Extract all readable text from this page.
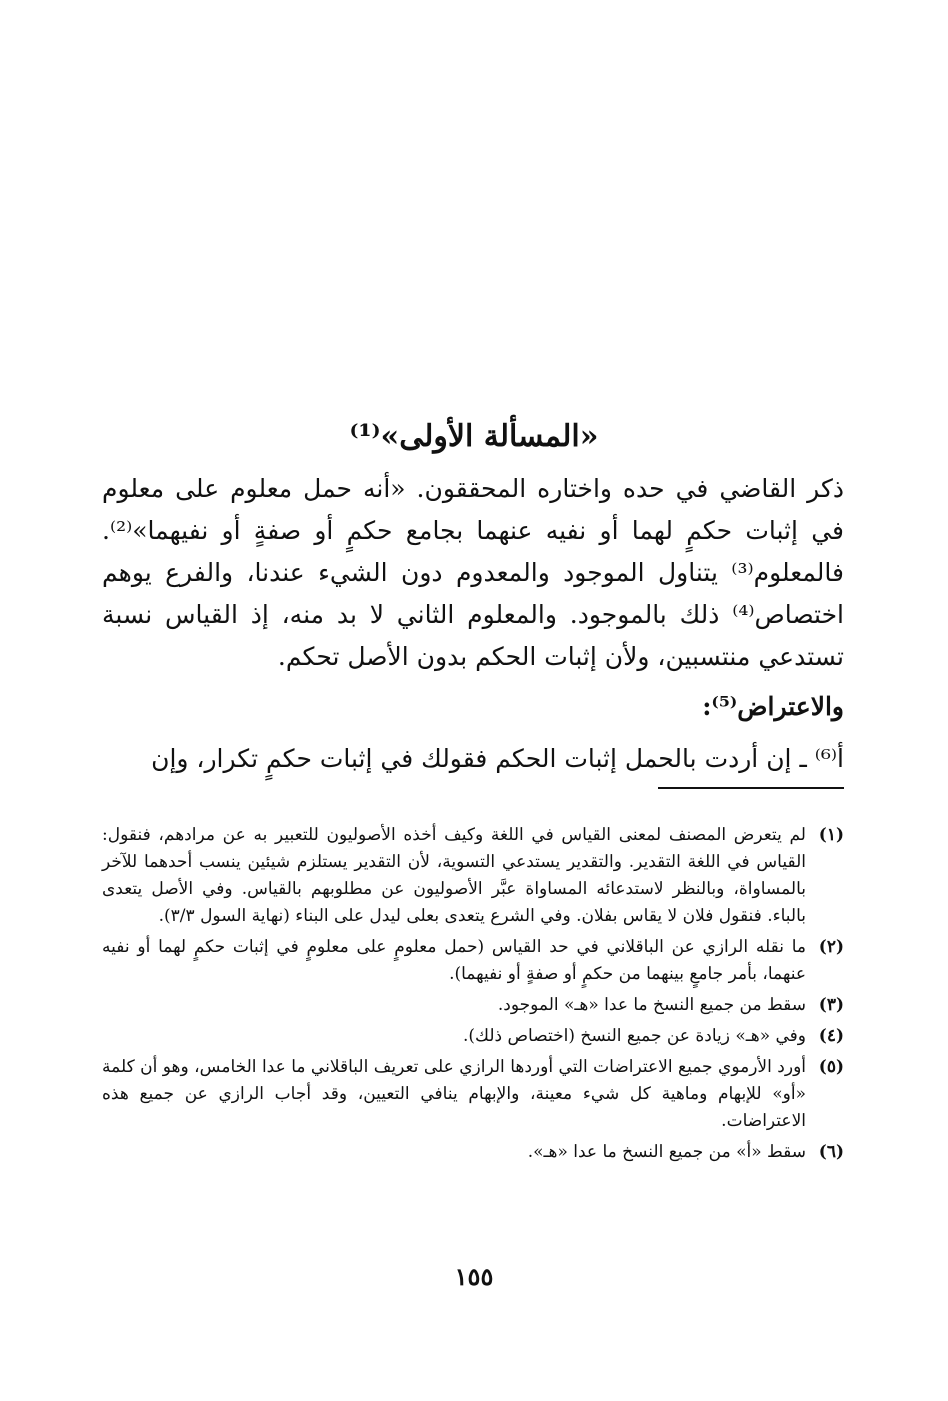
«المسألة الأولى»⁽¹⁾

ذكر القاضي في حده واختاره المحققون. «أنه حمل معلوم على معلوم في إثبات حكمٍ لهما أو نفيه عنهما بجامع حكمٍ أو صفةٍ أو نفيهما»⁽²⁾. فالمعلوم⁽³⁾ يتناول الموجود والمعدوم دون الشيء عندنا، والفرع يوهم اختصاص⁽⁴⁾ ذلك بالموجود. والمعلوم الثاني لا بد منه، إذ القياس نسبة تستدعي منتسبين، ولأن إثبات الحكم بدون الأصل تحكم.

والاعتراض⁽⁵⁾:

أ⁽⁶⁾ ـ إن أردت بالحمل إثبات الحكم فقولك في إثبات حكمٍ تكرار، وإن

(١)
لم يتعرض المصنف لمعنى القياس في اللغة وكيف أخذه الأصوليون للتعبير به عن مرادهم، فنقول: القياس في اللغة التقدير. والتقدير يستدعي التسوية، لأن التقدير يستلزم شيئين ينسب أحدهما للآخر بالمساواة، وبالنظر لاستدعائه المساواة عبَّر الأصوليون عن مطلوبهم بالقياس. وفي الأصل يتعدى بالباء. فنقول فلان لا يقاس بفلان. وفي الشرع يتعدى بعلى ليدل على البناء (نهاية السول ٣/٣).
(٢)
ما نقله الرازي عن الباقلاني في حد القياس (حمل معلومٍ على معلومٍ في إثبات حكمٍ لهما أو نفيه عنهما، بأمر جامعٍ بينهما من حكمٍ أو صفةٍ أو نفيهما).
(٣)
سقط من جميع النسخ ما عدا «هـ» الموجود.
(٤)
وفي «هـ» زيادة عن جميع النسخ (اختصاص ذلك).
(٥)
أورد الأرموي جميع الاعتراضات التي أوردها الرازي على تعريف الباقلاني ما عدا الخامس، وهو أن كلمة «أو» للإبهام وماهية كل شيء معينة، والإبهام ينافي التعيين، وقد أجاب الرازي عن جميع هذه الاعتراضات.
(٦)
سقط «أ» من جميع النسخ ما عدا «هـ».
١٥٥
